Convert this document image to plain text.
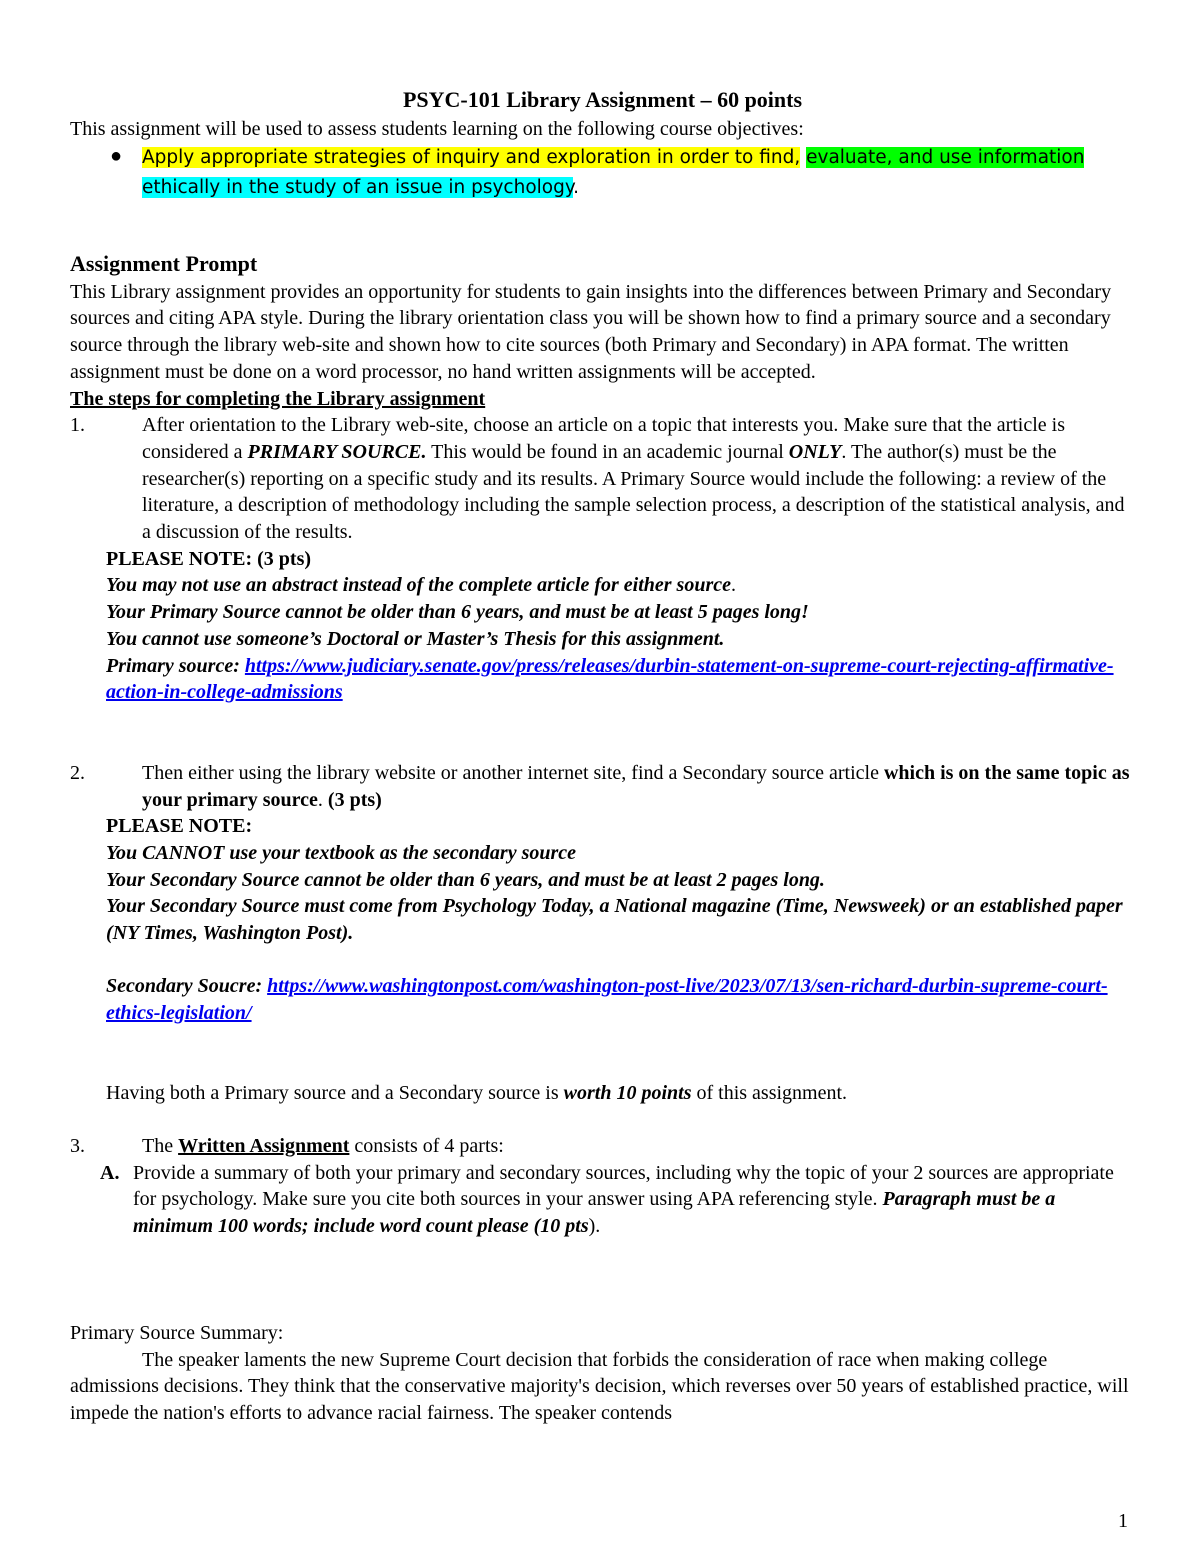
PSYC-101 Library Assignment – 60 points

This assignment will be used to assess students learning on the following course objectives:

●	Apply appropriate strategies of inquiry and exploration in order to find, evaluate, and use information ethically in the study of an issue in psychology.

Assignment Prompt

This Library assignment provides an opportunity for students to gain insights into the differences between Primary and Secondary sources and citing APA style. During the library orientation class you will be shown how to find a primary source and a secondary source through the library web-site and shown how to cite sources (both Primary and Secondary) in APA format. The written assignment must be done on a word processor, no hand written assignments will be accepted.

The steps for completing the Library assignment

1.	After orientation to the Library web-site, choose an article on a topic that interests you. Make sure that the article is considered a PRIMARY SOURCE. This would be found in an academic journal ONLY. The author(s) must be the researcher(s) reporting on a specific study and its results. A Primary Source would include the following: a review of the literature, a description of methodology including the sample selection process, a description of the statistical analysis, and a discussion of the results.

PLEASE NOTE: (3 pts)

You may not use an abstract instead of the complete article for either source.

Your Primary Source cannot be older than 6 years, and must be at least 5 pages long!

You cannot use someone’s Doctoral or Master’s Thesis for this assignment.

Primary source: https://www.judiciary.senate.gov/press/releases/durbin-statement-on-supreme-court-rejecting-affirmative-action-in-college-admissions

2.	Then either using the library website or another internet site, find a Secondary source article which is on the same topic as your primary source. (3 pts)

PLEASE NOTE:

You CANNOT use your textbook as the secondary source

Your Secondary Source cannot be older than 6 years, and must be at least 2 pages long.

Your Secondary Source must come from Psychology Today, a National magazine (Time, Newsweek) or an established paper (NY Times, Washington Post).

Secondary Soucre: https://www.washingtonpost.com/washington-post-live/2023/07/13/sen-richard-durbin-supreme-court-ethics-legislation/

Having both a Primary source and a Secondary source is worth 10 points of this assignment.

3.	The Written Assignment consists of 4 parts:
A. Provide a summary of both your primary and secondary sources, including why the topic of your 2 sources are appropriate for psychology. Make sure you cite both sources in your answer using APA referencing style. Paragraph must be a minimum 100 words; include word count please (10 pts).

Primary Source Summary:

The speaker laments the new Supreme Court decision that forbids the consideration of race when making college admissions decisions. They think that the conservative majority's decision, which reverses over 50 years of established practice, will impede the nation's efforts to advance racial fairness. The speaker contends

1
